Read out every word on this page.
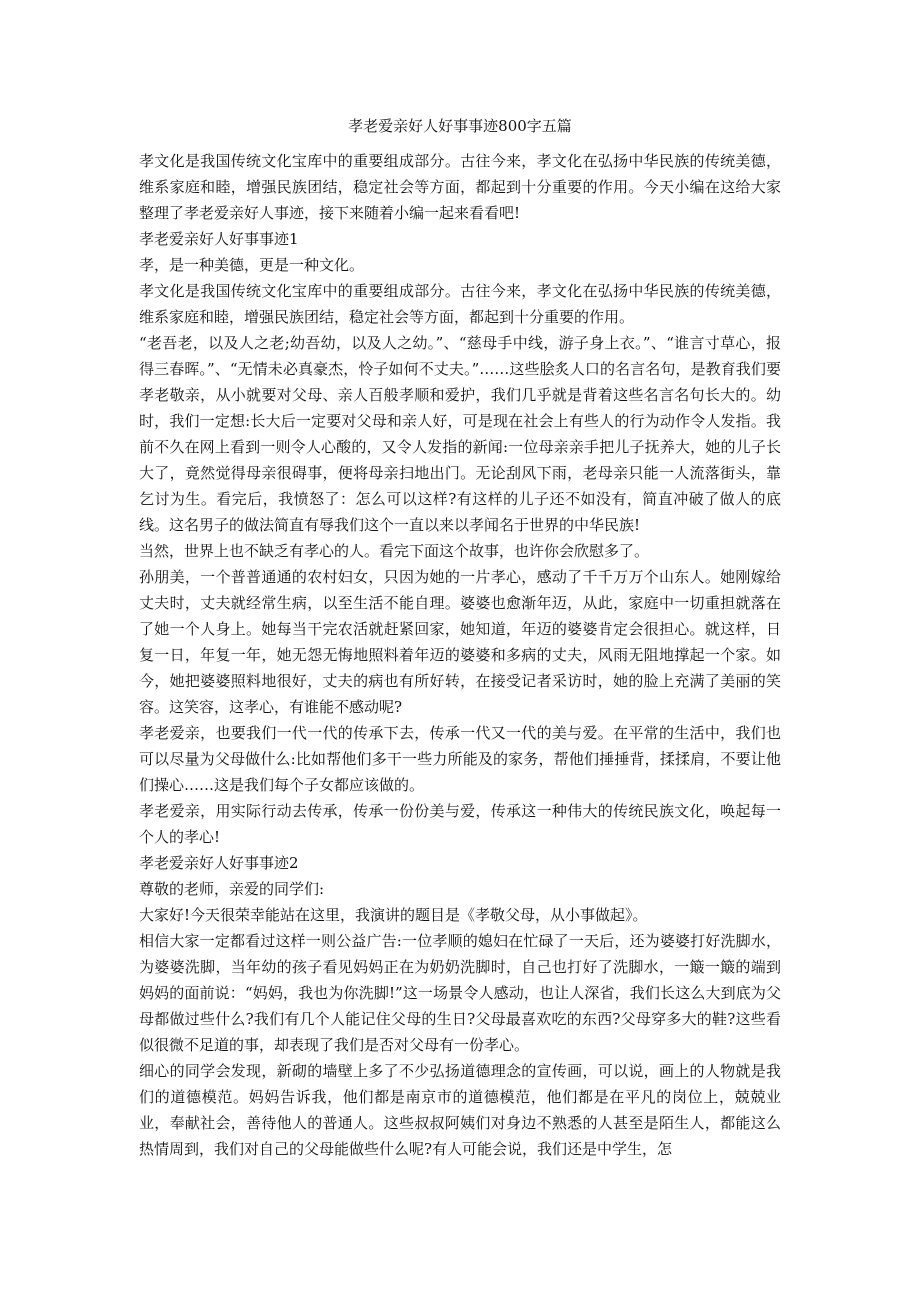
孝老爱亲好人好事事迹800字五篇

孝文化是我国传统文化宝库中的重要组成部分。古往今来，孝文化在弘扬中华民族的传统美德，维系家庭和睦，增强民族团结，稳定社会等方面，都起到十分重要的作用。今天小编在这给大家整理了孝老爱亲好人事迹，接下来随着小编一起来看看吧!

孝老爱亲好人好事事迹1

孝，是一种美德，更是一种文化。

孝文化是我国传统文化宝库中的重要组成部分。古往今来，孝文化在弘扬中华民族的传统美德，维系家庭和睦，增强民族团结，稳定社会等方面，都起到十分重要的作用。

“老吾老，以及人之老;幼吾幼，以及人之幼。”、“慈母手中线，游子身上衣。”、“谁言寸草心，报得三春晖。”、“无情未必真豪杰，怜子如何不丈夫。”……这些脍炙人口的名言名句，是教育我们要孝老敬亲，从小就要对父母、亲人百般孝顺和爱护，我们几乎就是背着这些名言名句长大的。幼时，我们一定想:长大后一定要对父母和亲人好，可是现在社会上有些人的行为动作令人发指。我前不久在网上看到一则令人心酸的，又令人发指的新闻:一位母亲亲手把儿子抚养大，她的儿子长大了，竟然觉得母亲很碍事，便将母亲扫地出门。无论刮风下雨，老母亲只能一人流落街头，靠乞讨为生。看完后，我愤怒了：怎么可以这样?有这样的儿子还不如没有，简直冲破了做人的底线。这名男子的做法简直有辱我们这个一直以来以孝闻名于世界的中华民族!

当然，世界上也不缺乏有孝心的人。看完下面这个故事，也许你会欣慰多了。

孙朋美，一个普普通通的农村妇女，只因为她的一片孝心，感动了千千万万个山东人。她刚嫁给丈夫时，丈夫就经常生病，以至生活不能自理。婆婆也愈渐年迈，从此，家庭中一切重担就落在了她一个人身上。她每当干完农活就赶紧回家，她知道，年迈的婆婆肯定会很担心。就这样，日复一日，年复一年，她无怨无悔地照料着年迈的婆婆和多病的丈夫，风雨无阻地撑起一个家。如今，她把婆婆照料地很好，丈夫的病也有所好转，在接受记者采访时，她的脸上充满了美丽的笑容。这笑容，这孝心，有谁能不感动呢?

孝老爱亲，也要我们一代一代的传承下去，传承一代又一代的美与爱。在平常的生活中，我们也可以尽量为父母做什么:比如帮他们多干一些力所能及的家务，帮他们捶捶背，揉揉肩，不要让他们操心……这是我们每个子女都应该做的。

孝老爱亲，用实际行动去传承，传承一份份美与爱，传承这一种伟大的传统民族文化，唤起每一个人的孝心!

孝老爱亲好人好事事迹2

尊敬的老师，亲爱的同学们:

大家好!今天很荣幸能站在这里，我演讲的题目是《孝敬父母，从小事做起》。

相信大家一定都看过这样一则公益广告:一位孝顺的媳妇在忙碌了一天后，还为婆婆打好洗脚水，为婆婆洗脚，当年幼的孩子看见妈妈正在为奶奶洗脚时，自己也打好了洗脚水，一簸一簸的端到妈妈的面前说：“妈妈，我也为你洗脚!”这一场景令人感动，也让人深省，我们长这么大到底为父母都做过些什么?我们有几个人能记住父母的生日?父母最喜欢吃的东西?父母穿多大的鞋?这些看似很微不足道的事，却表现了我们是否对父母有一份孝心。

细心的同学会发现，新砌的墙壁上多了不少弘扬道德理念的宣传画，可以说，画上的人物就是我们的道德模范。妈妈告诉我，他们都是南京市的道德模范，他们都是在平凡的岗位上，兢兢业业，奉献社会，善待他人的普通人。这些叔叔阿姨们对身边不熟悉的人甚至是陌生人，都能这么热情周到，我们对自己的父母能做些什么呢?有人可能会说，我们还是中学生，怎
